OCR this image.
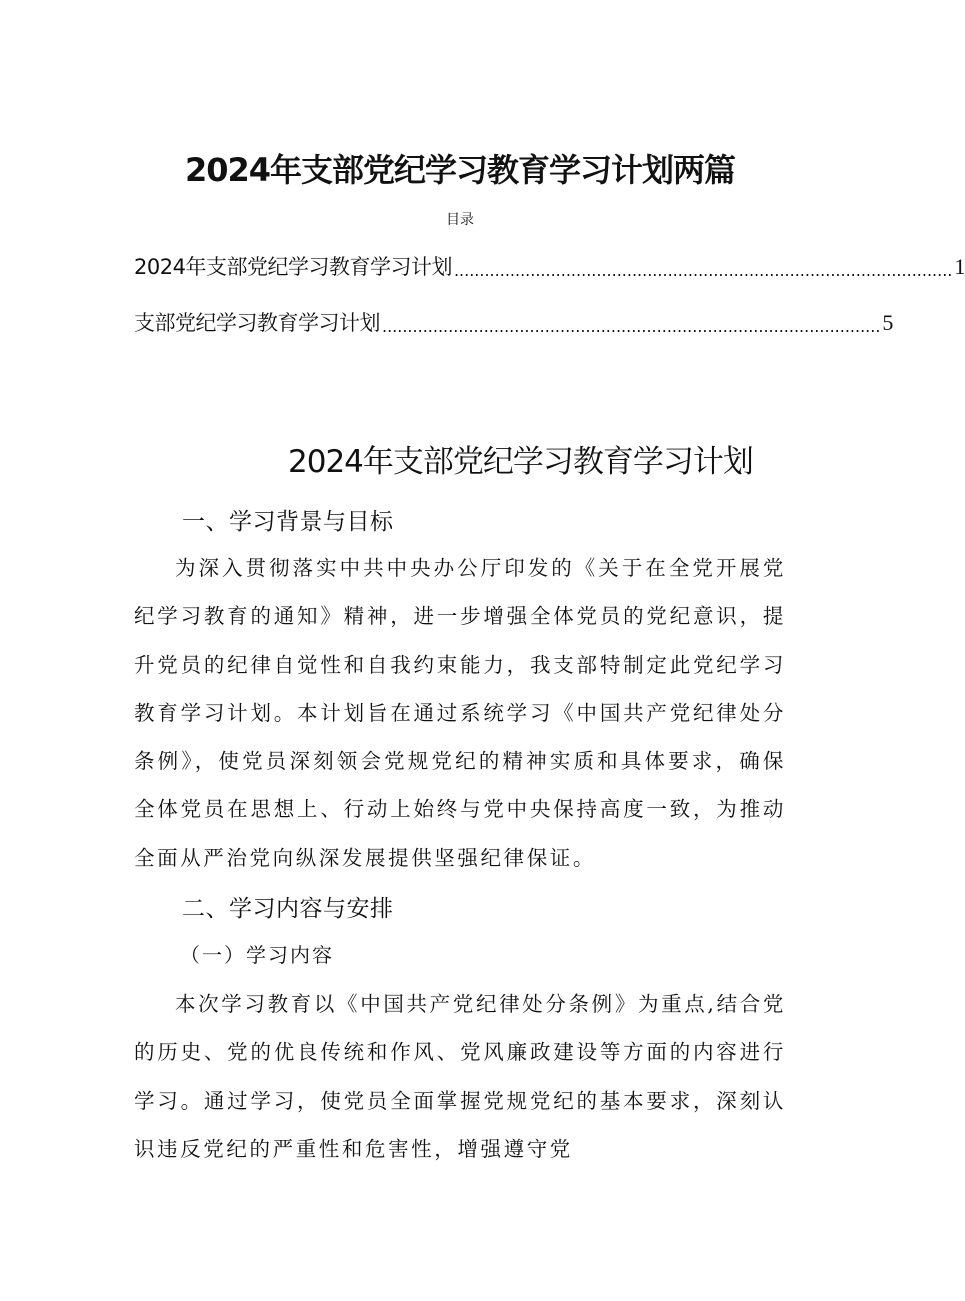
2024年支部党纪学习教育学习计划两篇
目录
2024年支部党纪学习教育学习计划 .................................................................................................. 1
支部党纪学习教育学习计划 .................................................................................................. 5
2024年支部党纪学习教育学习计划
一、学习背景与目标

为深入贯彻落实中共中央办公厅印发的《关于在全党开展党纪学习教育的通知》精神，进一步增强全体党员的党纪意识，提升党员的纪律自觉性和自我约束能力，我支部特制定此党纪学习教育学习计划。本计划旨在通过系统学习《中国共产党纪律处分条例》，使党员深刻领会党规党纪的精神实质和具体要求，确保全体党员在思想上、行动上始终与党中央保持高度一致，为推动全面从严治党向纵深发展提供坚强纪律保证。

二、学习内容与安排
（一）学习内容

本次学习教育以《中国共产党纪律处分条例》为重点,结合党的历史、党的优良传统和作风、党风廉政建设等方面的内容进行学习。通过学习，使党员全面掌握党规党纪的基本要求，深刻认识违反党纪的严重性和危害性，增强遵守党
